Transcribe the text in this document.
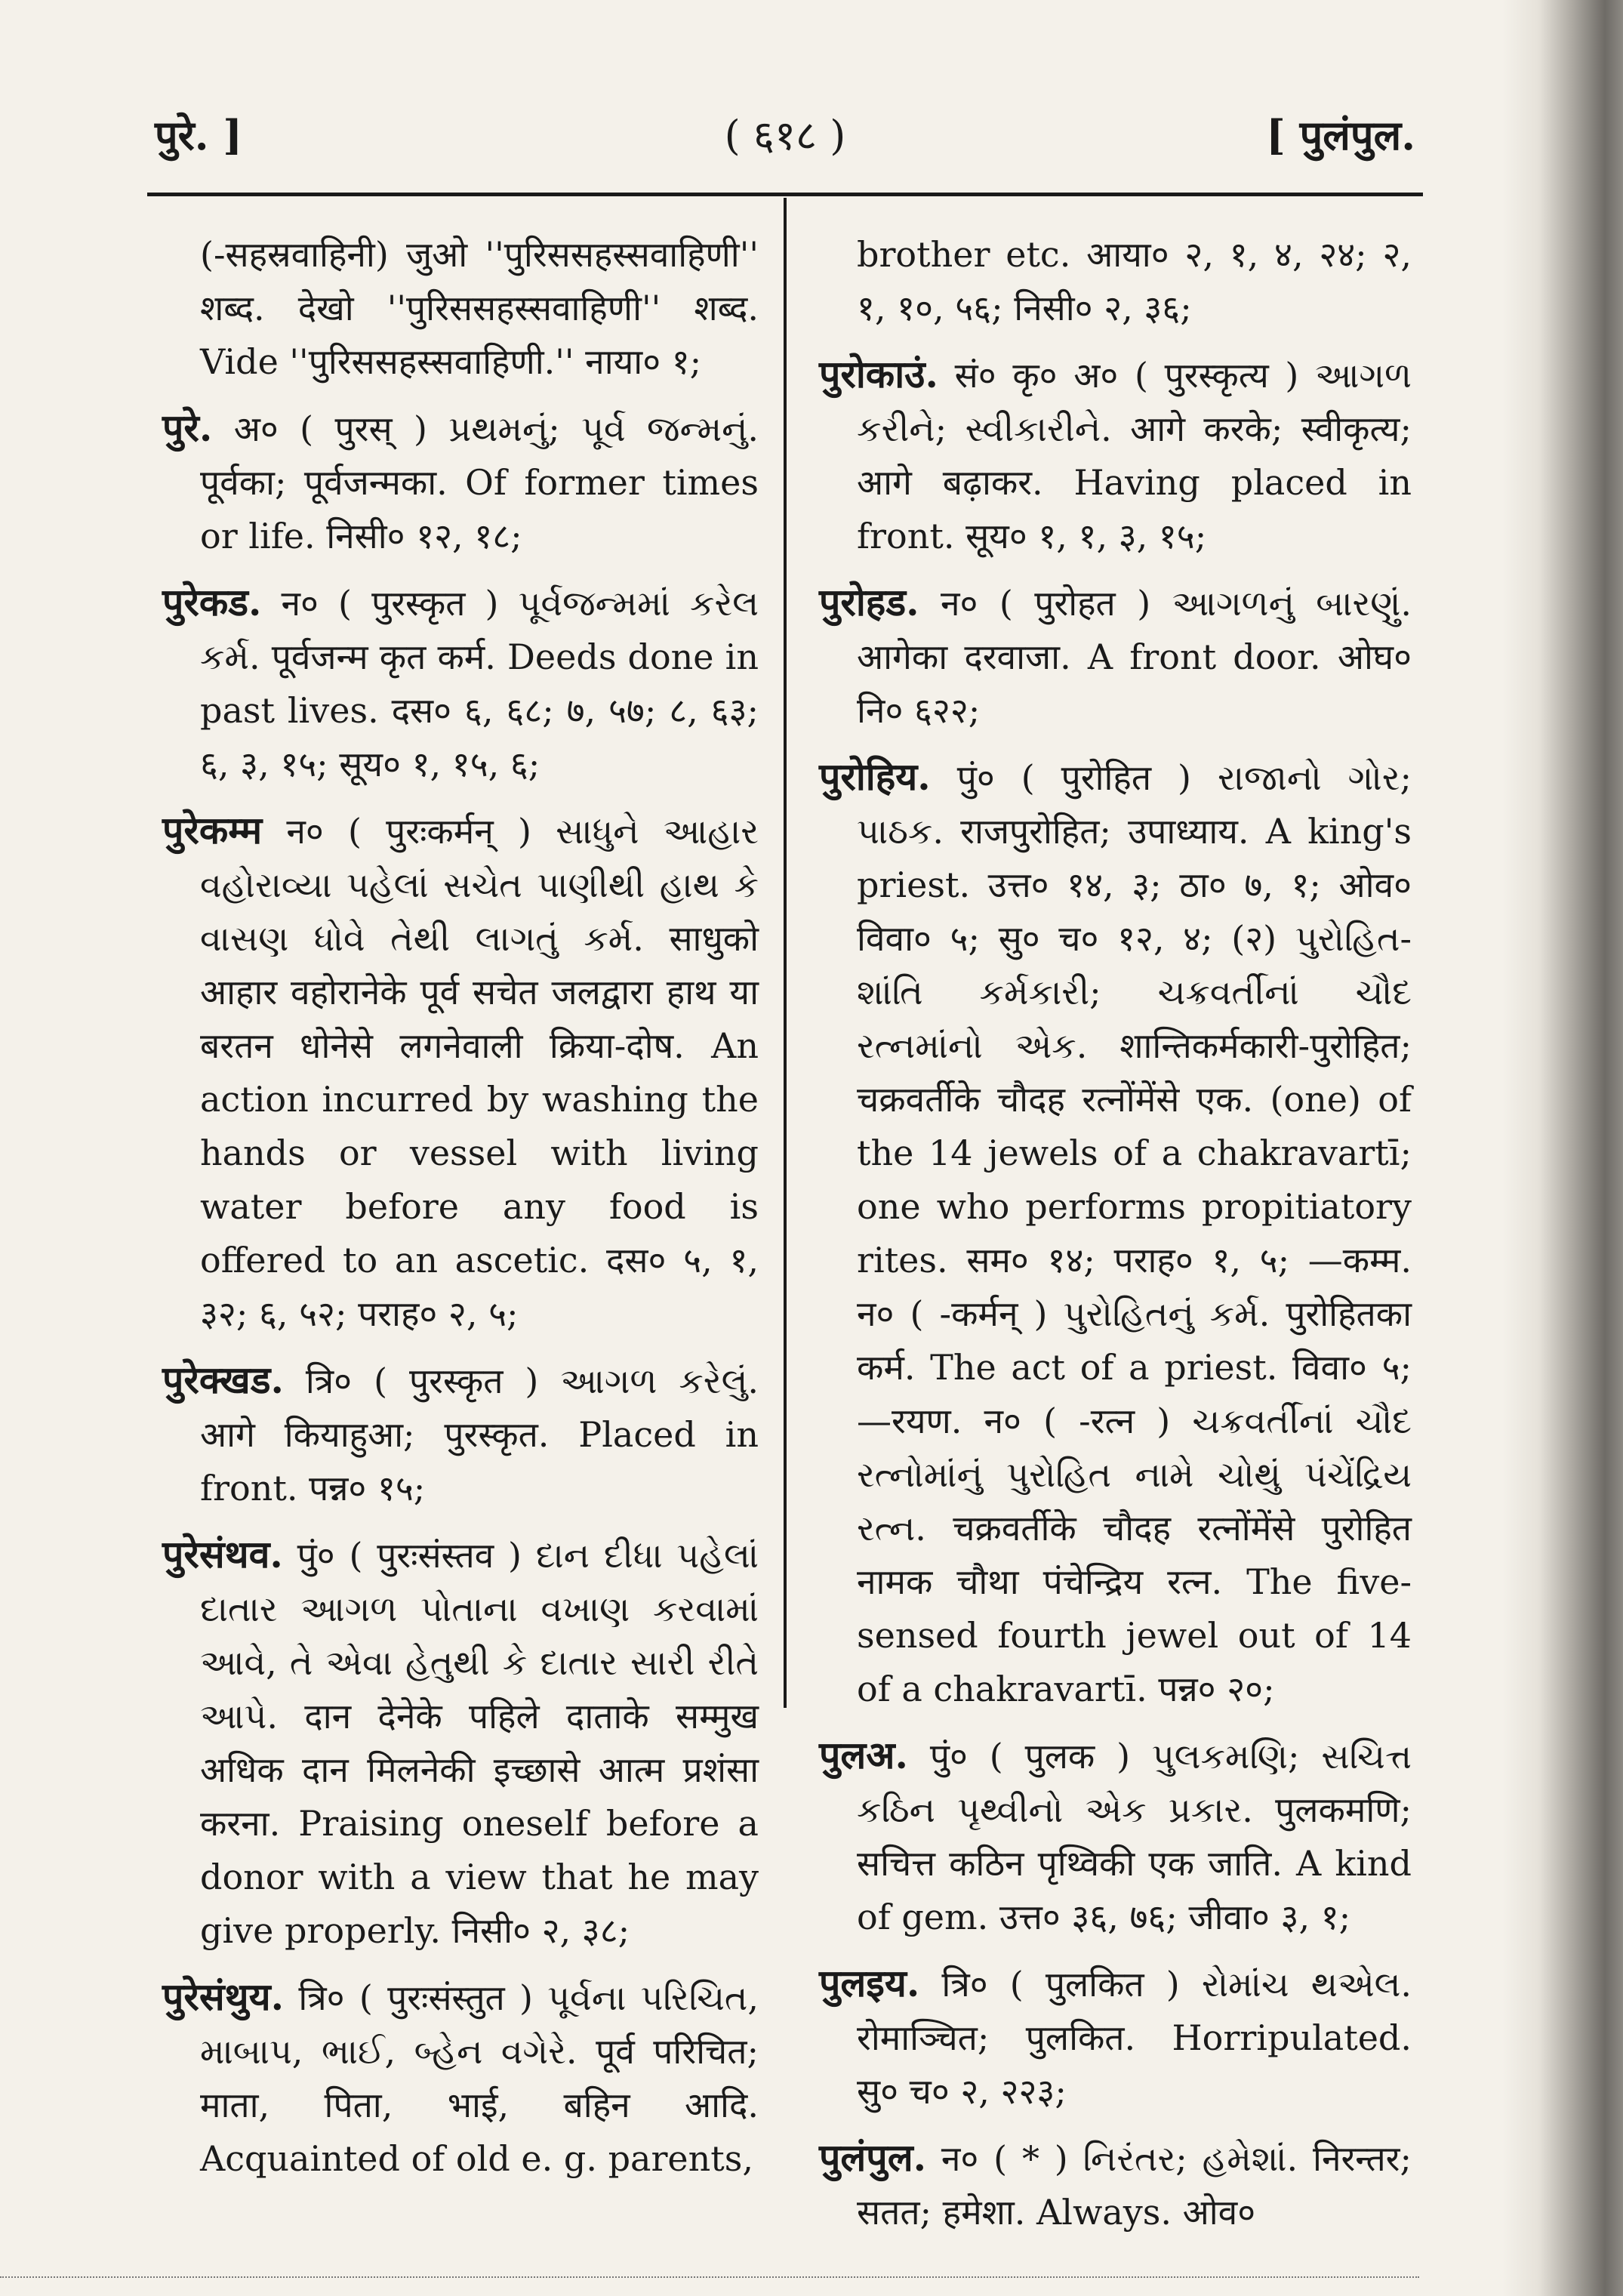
पुरे. ]	( ६१८ )	[ पुलंपुल.

(-सहस्रवाहिनी) जुओ ''पुरिससहस्सवाहिणी'' शब्द. देखो ''पुरिससहस्सवाहिणी'' शब्द. Vide ''पुरिससहस्सवाहिणी.'' नाया० १;

पुरे. अ० ( पुरस् ) પ્રથમનું; પૂર્વ જન્મનું. पूर्वका; पूर्वजन्मका. Of former times or life. निसी० १२, १८;

पुरेकड. न० ( पुरस्कृत ) પૂર્વજન્મમાં કરેલ કર્મ. पूर्वजन्म कृत कर्म. Deeds done in past lives. दस० ६, ६८; ७, ५७; ८, ६३; ६, ३, १५; सूय० १, १५, ६;

पुरेकम्म न० ( पुरःकर्मन् ) સાધુને આહાર વહોરાવ્યા પહેલાં સચેત પાણીથી હાથ કે વાસણ ધોવે તેથી લાગતું કર્મ. साधुको आहार वहोरानेके पूर्व सचेत जलद्वारा हाथ या बरतन धोनेसे लगनेवाली क्रिया-दोष. An action incurred by washing the hands or vessel with living water before any food is offered to an ascetic. दस० ५, १, ३२; ६, ५२; पराह० २, ५;

पुरेक्खड. त्रि० ( पुरस्कृत ) આગળ કરેલું. आगे कियाहुआ; पुरस्कृत. Placed in front. पन्न० १५;

पुरेसंथव. पुं० ( पुरःसंस्तव ) દાન દીધા પહેલાં દાતાર આગળ પોતાના વખાણ કરવામાં આવે, તે એવા હેતુથી કે દાતાર સારી રીતે આપે. दान देनेके पहिले दाताके सम्मुख अधिक दान मिलनेकी इच्छासे आत्म प्रशंसा करना. Praising oneself before a donor with a view that he may give properly. निसी० २, ३८;

पुरेसंथुय. त्रि० ( पुरःसंस्तुत ) પૂર્વના પરિચિત, માબાપ, ભાઈ, બ્હેન વગેરે. पूर्व परिचित; माता, पिता, भाई, बहिन आदि. Acquainted of old e. g. parents,

brother etc. आया० २, १, ४, २४; २, १, १०, ५६; निसी० २, ३६;

पुरोकाउं. सं० कृ० अ० ( पुरस्कृत्य ) આગળ કરીને; સ્વીકારીને. आगे करके; स्वीकृत्य; आगे बढ़ाकर. Having placed in front. सूय० १, १, ३, १५;

पुरोहड. न० ( पुरोहत ) આગળનું બારણું. आगेका दरवाजा. A front door. ओघ० नि० ६२२;

पुरोहिय. पुं० ( पुरोहित ) રાજાનો ગોર; પાઠક. राजपुरोहित; उपाध्याय. A king's priest. उत्त० १४, ३; ठा० ७, १; ओव० विवा० ५; सु० च० १२, ४; (२) પુરોહિત-શાંતિ કર્મકારી; ચક્રવર્તીનાં ચૌદ રત્નમાંનો એક. शान्तिकर्मकारी-पुरोहित; चक्रवर्तीके चौदह रत्नोंमेंसे एक. (one) of the 14 jewels of a chakravartī; one who performs propitiatory rites. सम० १४; पराह० १, ५; —कम्म. न० ( -कर्मन् ) પુરોહિતનું કર્મ. पुरोहितका कर्म. The act of a priest. विवा० ५; —रयण. न० ( -रत्न ) ચક્રવર્તીનાં ચૌદ રત્નોમાંનું પુરોહિત નામે ચોથું પંચેંદ્રિય રત્ન. चक्रवर्तीके चौदह रत्नोंमेंसे पुरोहित नामक चौथा पंचेन्द्रिय रत्न. The five-sensed fourth jewel out of 14 of a chakravartī. पन्न० २०;

पुलअ. पुं० ( पुलक ) પુલકમણિ; સચિત્ત કઠિન પૃથ્વીનો એક પ્રકાર. पुलकमणि; सचित्त कठिन पृथ्विकी एक जाति. A kind of gem. उत्त० ३६, ७६; जीवा० ३, १;

पुलइय. त्रि० ( पुलकित ) રોમાંચ થએલ. रोमाञ्चित; पुलकित. Horripulated. सु० च० २, २२३;

पुलंपुल. न० ( * ) નિરંતર; હમેશાં. निरन्तर; सतत; हमेशा. Always. ओव०
